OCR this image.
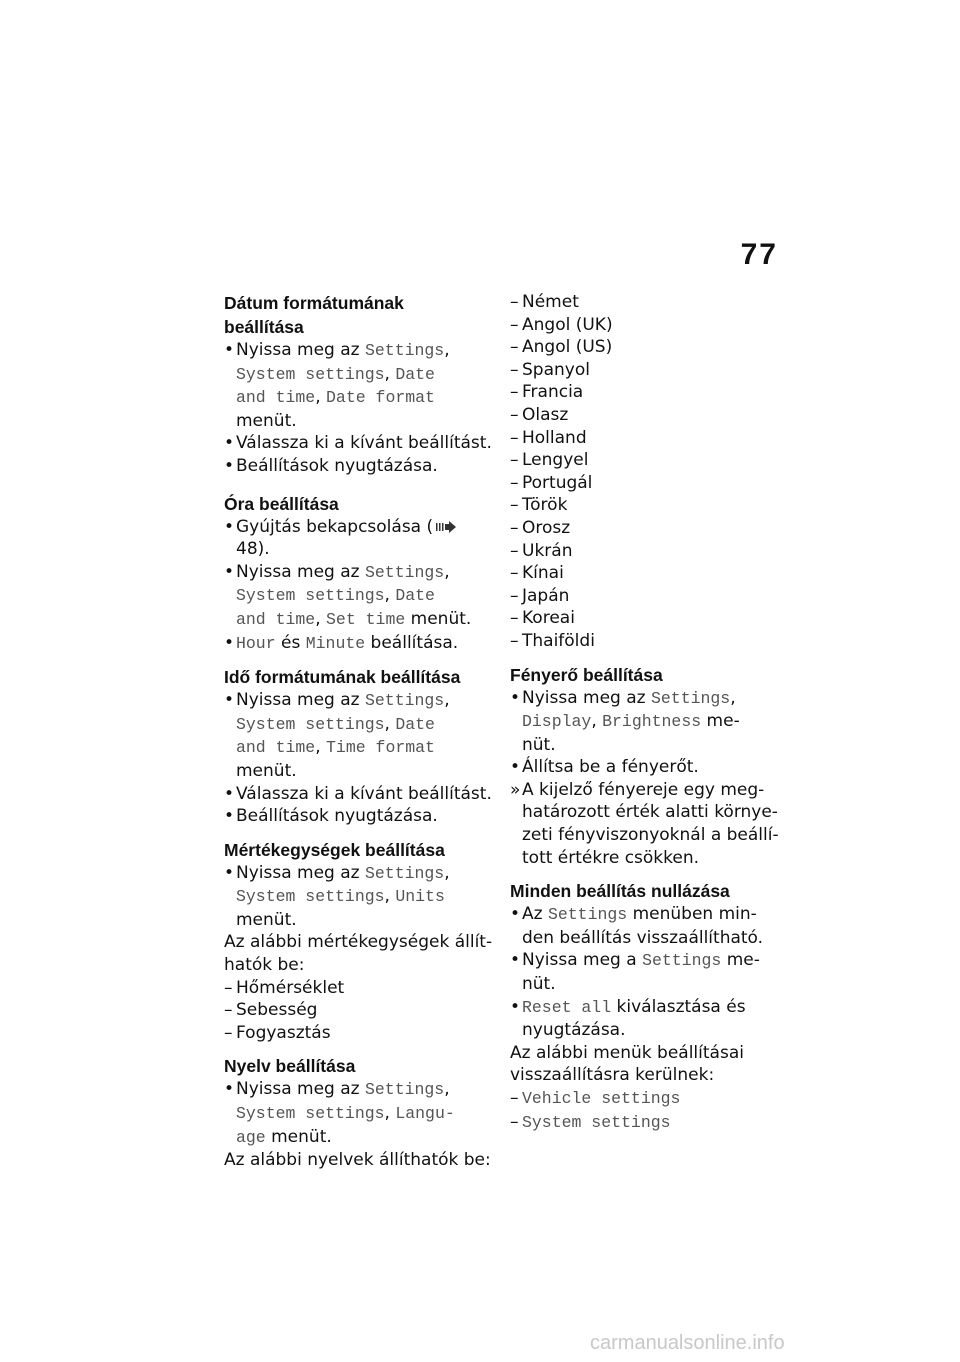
77
Dátum formátumának
beállítása
• Nyissa meg az Settings,
System settings, Date
and time, Date format
menüt.
• Válassza ki a kívánt beállítást.
• Beállítások nyugtázása.
Óra beállítása
• Gyújtás bekapcsolása ( 48).
• Nyissa meg az Settings,
System settings, Date
and time, Set time menüt.
• Hour és Minute beállítása.
Idő formátumának beállítása
• Nyissa meg az Settings,
System settings, Date
and time, Time format
menüt.
• Válassza ki a kívánt beállítást.
• Beállítások nyugtázása.
Mértékegységek beállítása
• Nyissa meg az Settings,
System settings, Units
menüt.
Az alábbi mértékegységek állít-
hatók be:
– Hőmérséklet
– Sebesség
– Fogyasztás
Nyelv beállítása
• Nyissa meg az Settings,
System settings, Langu-
age menüt.
Az alábbi nyelvek állíthatók be:
– Német
– Angol (UK)
– Angol (US)
– Spanyol
– Francia
– Olasz
– Holland
– Lengyel
– Portugál
– Török
– Orosz
– Ukrán
– Kínai
– Japán
– Koreai
– Thaiföldi
Fényerő beállítása
• Nyissa meg az Settings,
Display, Brightness me-
nüt.
• Állítsa be a fényerőt.
» A kijelző fényereje egy meg-
határozott érték alatti környe-
zeti fényviszonyoknál a beállí-
tott értékre csökken.
Minden beállítás nullázása
• Az Settings menüben min-
den beállítás visszaállítható.
• Nyissa meg a Settings me-
nüt.
• Reset all kiválasztása és
nyugtázása.
Az alábbi menük beállításai
visszaállításra kerülnek:
– Vehicle settings
– System settings
carmanualsonline.info
